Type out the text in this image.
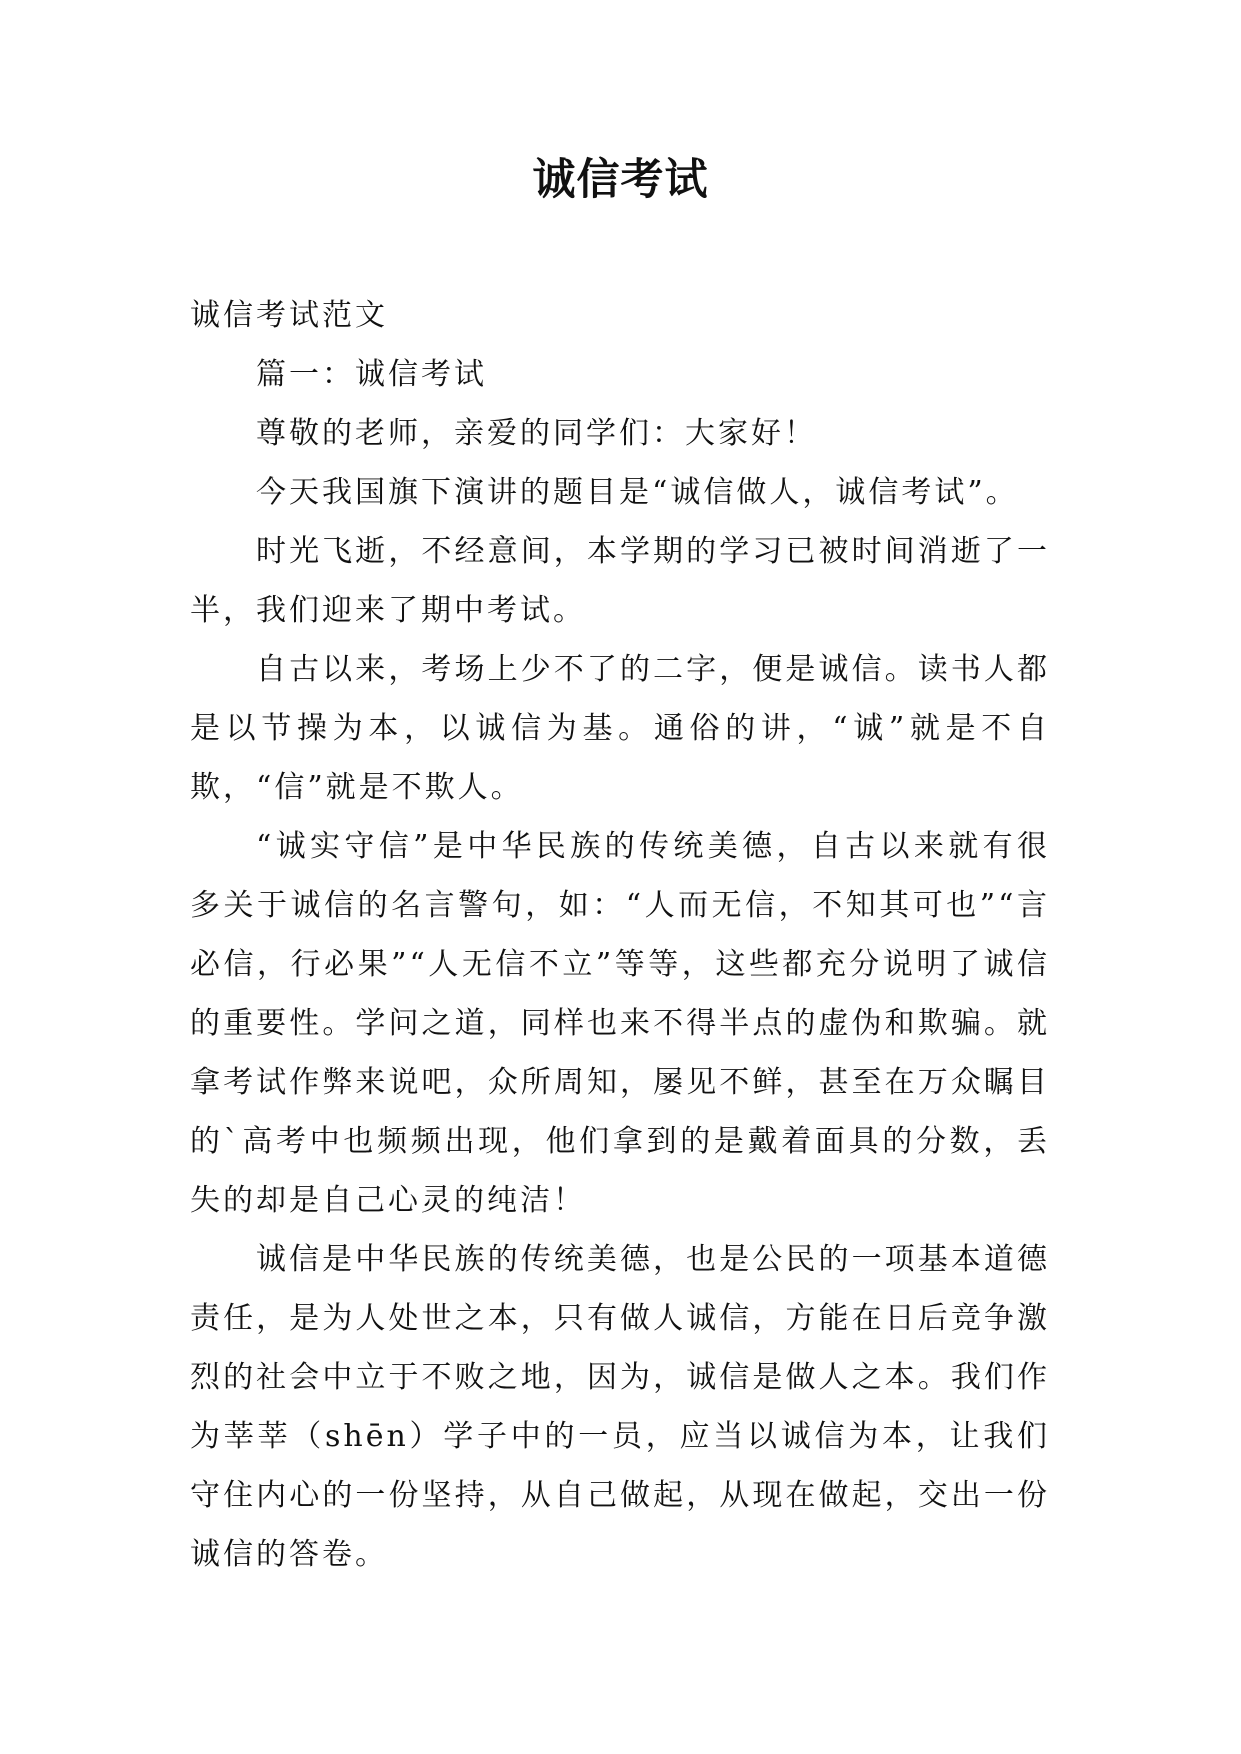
诚信考试

诚信考试范文

篇一：诚信考试

尊敬的老师，亲爱的同学们：大家好！

今天我国旗下演讲的题目是“诚信做人，诚信考试”。

时光飞逝，不经意间，本学期的学习已被时间消逝了一半，我们迎来了期中考试。

自古以来，考场上少不了的二字，便是诚信。读书人都是以节操为本，以诚信为基。通俗的讲，“诚”就是不自欺，“信”就是不欺人。

“诚实守信”是中华民族的传统美德，自古以来就有很多关于诚信的名言警句，如：“人而无信，不知其可也”“言必信，行必果”“人无信不立”等等，这些都充分说明了诚信的重要性。学问之道，同样也来不得半点的虚伪和欺骗。就拿考试作弊来说吧，众所周知，屡见不鲜，甚至在万众瞩目的`高考中也频频出现，他们拿到的是戴着面具的分数，丢失的却是自己心灵的纯洁！

诚信是中华民族的传统美德，也是公民的一项基本道德责任，是为人处世之本，只有做人诚信，方能在日后竞争激烈的社会中立于不败之地，因为，诚信是做人之本。我们作为莘莘（shēn）学子中的一员，应当以诚信为本，让我们守住内心的一份坚持，从自己做起，从现在做起，交出一份诚信的答卷。
